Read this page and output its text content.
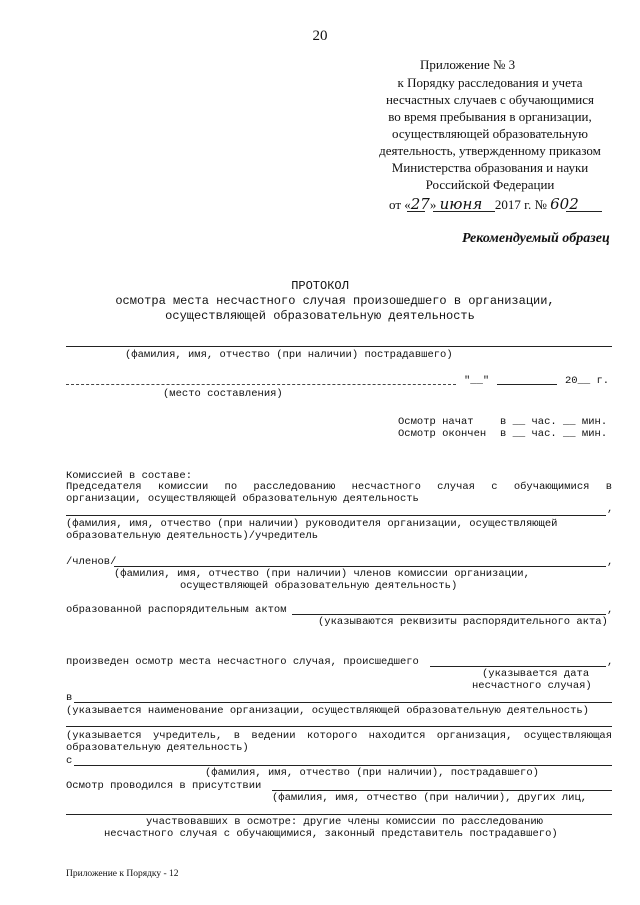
20
Приложение № 3
к Порядку расследования и учета
несчастных случаев с обучающимися
во время пребывания в организации,
осуществляющей образовательную
деятельность, утвержденному приказом
Министерства образования и науки
Российской Федерации
от «27» июня 2017 г. № 602
Рекомендуемый образец
ПРОТОКОЛ
осмотра места несчастного случая произошедшего в организации,
осуществляющей образовательную деятельность
(фамилия, имя, отчество (при наличии) пострадавшего)
"__"	20__ г.
(место составления)
Осмотр начат	в __ час. __ мин.
Осмотр окончен в __ час. __ мин.
Комиссией в составе:
Председателя комиссии по расследованию несчастного случая с обучающимися в
организации, осуществляющей образовательную деятельность
,
(фамилия, имя, отчество (при наличии) руководителя организации, осуществляющей
образовательную деятельность)/учредитель
/членов/	,
(фамилия, имя, отчество (при наличии) членов комиссии организации,
осуществляющей образовательную деятельность)
образованной распорядительным актом	,
(указываются реквизиты распорядительного акта)
произведен осмотр места несчастного случая, происшедшего	,
(указывается дата
несчастного случая)
в
(указывается наименование организации, осуществляющей образовательную деятельность)
(указывается учредитель, в ведении которого находится организация, осуществляющая
образовательную деятельность)
с
(фамилия, имя, отчество (при наличии), пострадавшего)
Осмотр проводился в присутствии
(фамилия, имя, отчество (при наличии), других лиц,
участвовавших в осмотре: другие члены комиссии по расследованию
несчастного случая с обучающимися, законный представитель пострадавшего)
Приложение к Порядку - 12
